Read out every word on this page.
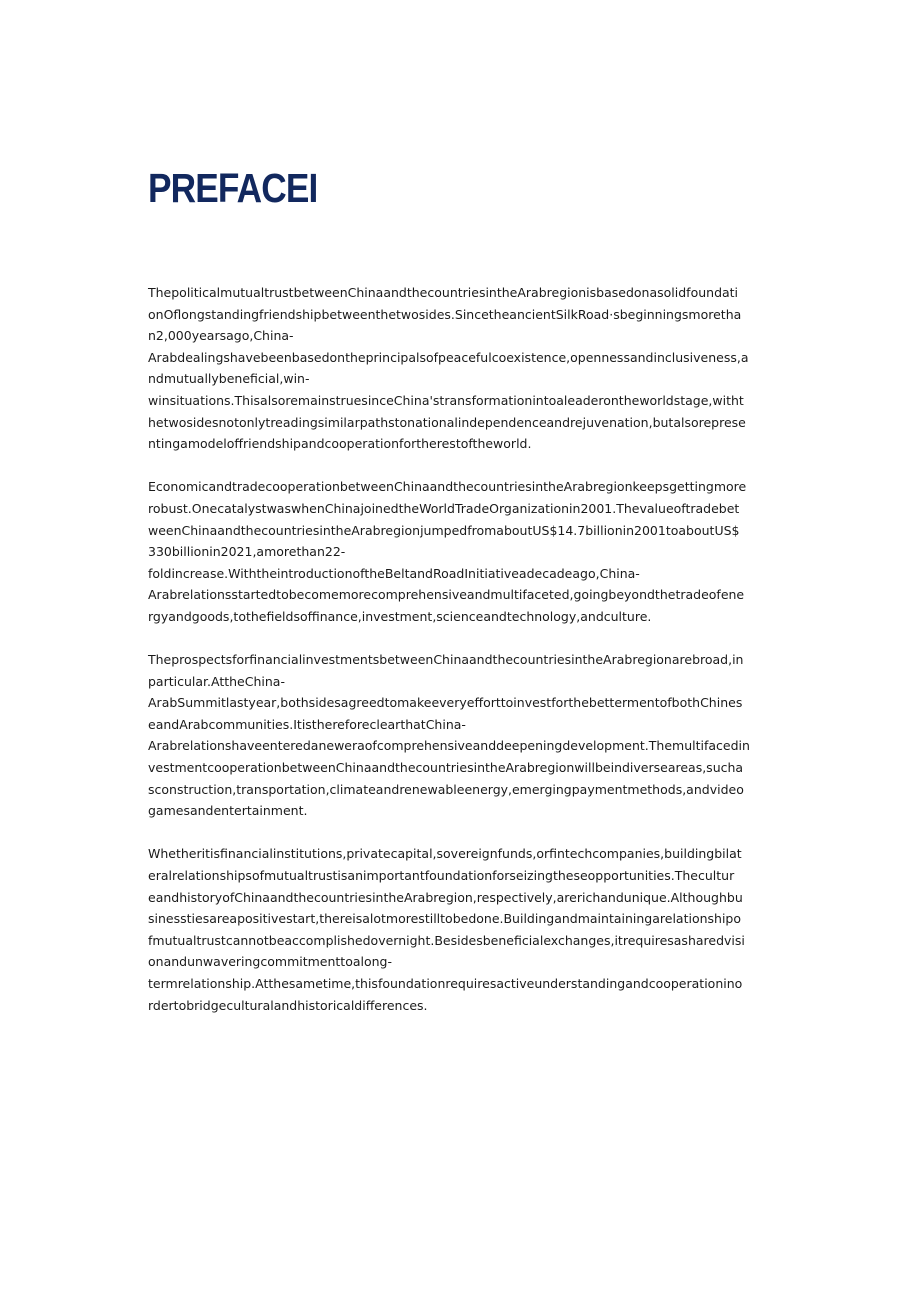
PREFACEI

ThepoliticalmutualtrustbetweenChinaandthecountriesintheArabregionisbasedonasolidfoundati
onOflongstandingfriendshipbetweenthetwosides.SincetheancientSilkRoad·sbeginningsmoretha
n2,000yearsago,China-
Arabdealingshavebeenbasedontheprincipalsofpeacefulcoexistence,opennessandinclusiveness,a
ndmutuallybeneficial,win-
winsituations.ThisalsoremainstruesinceChina'stransformationintoaleaderontheworldstage,witht
hetwosidesnotonlytreadingsimilarpathstonationalindependenceandrejuvenation,butalsoreprese
ntingamodeloffriendshipandcooperationfortherestoftheworld.

EconomicandtradecooperationbetweenChinaandthecountriesintheArabregionkeepsgettingmore
robust.OnecatalystwaswhenChinajoinedtheWorldTradeOrganizationin2001.Thevalueoftradebet
weenChinaandthecountriesintheArabregionjumpedfromaboutUS$14.7billionin2001toaboutUS$
330billionin2021,amorethan22-
foldincrease.WiththeintroductionoftheBeltandRoadInitiativeadecadeago,China-
Arabrelationsstartedtobecomemorecomprehensiveandmultifaceted,goingbeyondthetradeofene
rgyandgoods,tothefieldsoffinance,investment,scienceandtechnology,andculture.

TheprospectsforfinancialinvestmentsbetweenChinaandthecountriesintheArabregionarebroad,in
particular.AttheChina-
ArabSummitlastyear,bothsidesagreedtomakeeveryefforttoinvestforthebettermentofbothChines
eandArabcommunities.ItisthereforeclearthatChina-
Arabrelationshaveenteredaneweraofcomprehensiveanddeepeningdevelopment.Themultifacedin
vestmentcooperationbetweenChinaandthecountriesintheArabregionwillbeindiverseareas,sucha
sconstruction,transportation,climateandrenewableenergy,emergingpaymentmethods,andvideo
gamesandentertainment.

Whetheritisfinancialinstitutions,privatecapital,sovereignfunds,orfintechcompanies,buildingbilat
eralrelationshipsofmutualtrustisanimportantfoundationforseizingtheseopportunities.Thecultur
eandhistoryofChinaandthecountriesintheArabregion,respectively,arerichandunique.Althoughbu
sinesstiesareapositivestart,thereisalotmorestilltobedone.Buildingandmaintainingarelationshipo
fmutualtrustcannotbeaccomplishedovernight.Besidesbeneficialexchanges,itrequiresasharedvisi
onandunwaveringcommitmenttoalong-
termrelationship.Atthesametime,thisfoundationrequiresactiveunderstandingandcooperationino
rdertobridgeculturalandhistoricaldifferences.
